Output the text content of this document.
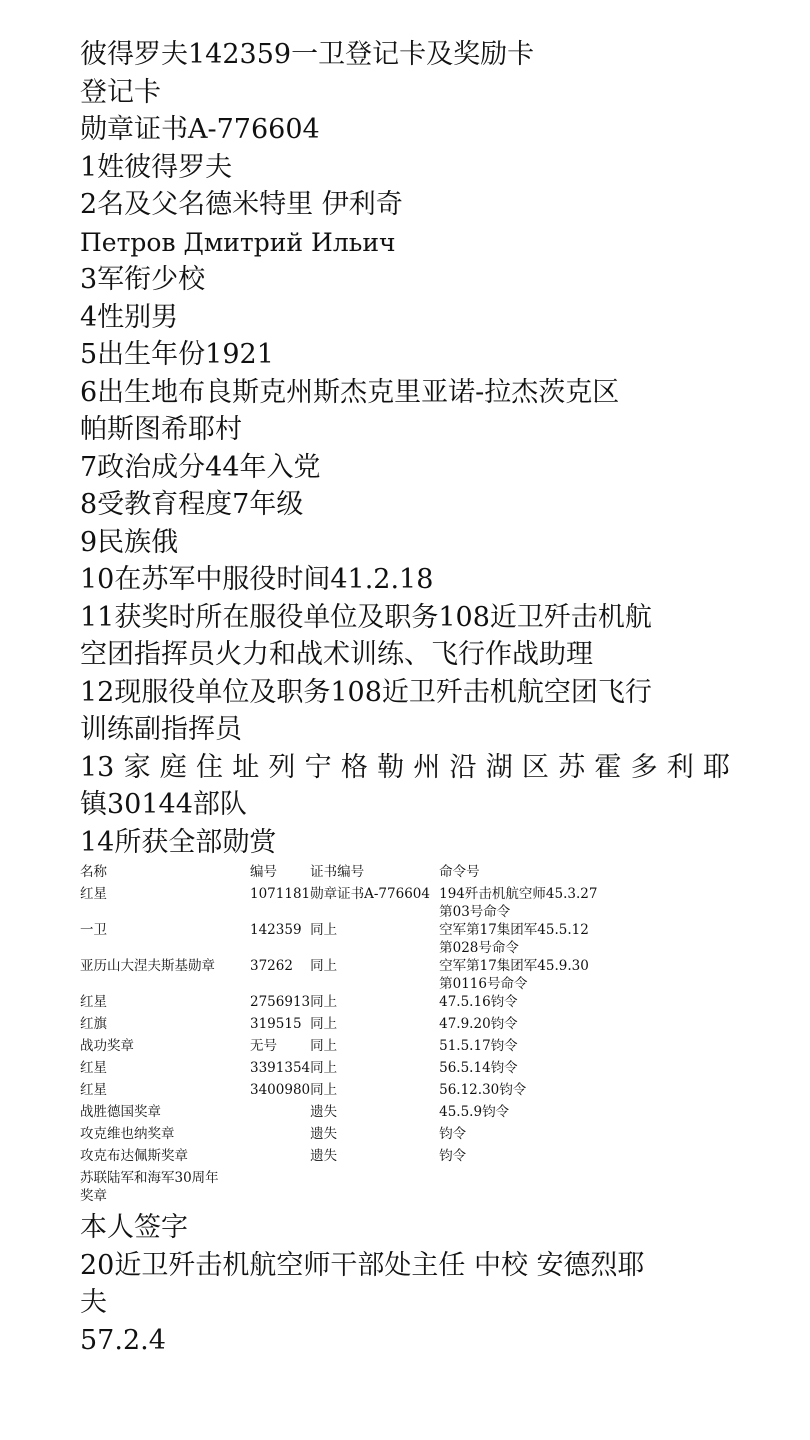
彼得罗夫142359一卫登记卡及奖励卡
登记卡
勋章证书A-776604
1姓彼得罗夫
2名及父名德米特里 伊利奇
Петров Дмитрий Ильич
3军衔少校
4性别男
5出生年份1921
6出生地布良斯克州斯杰克里亚诺-拉杰茨克区
帕斯图希耶村
7政治成分44年入党
8受教育程度7年级
9民族俄
10在苏军中服役时间41.2.18
11获奖时所在服役单位及职务108近卫歼击机航
空团指挥员火力和战术训练、飞行作战助理
12现服役单位及职务108近卫歼击机航空团飞行
训练副指挥员
13家庭住址列宁格勒州沿湖区苏霍多利耶
镇30144部队
14所获全部勋赏
名称	编号	证书编号	命令号
红星	1071181	勋章证书A-776604	194歼击机航空师45.3.27
第03号命令
一卫	142359	同上	空军第17集团军45.5.12
第028号命令
亚历山大涅夫斯基勋章	37262	同上	空军第17集团军45.9.30
第0116号命令
红星	2756913	同上	47.5.16钧令
红旗	319515	同上	47.9.20钧令
战功奖章	无号	同上	51.5.17钧令
红星	3391354	同上	56.5.14钧令
红星	3400980	同上	56.12.30钧令
战胜德国奖章		遗失	45.5.9钧令
攻克维也纳奖章		遗失	钧令
攻克布达佩斯奖章		遗失	钧令
苏联陆军和海军30周年
奖章			
本人签字
20近卫歼击机航空师干部处主任 中校 安德烈耶
夫
57.2.4
